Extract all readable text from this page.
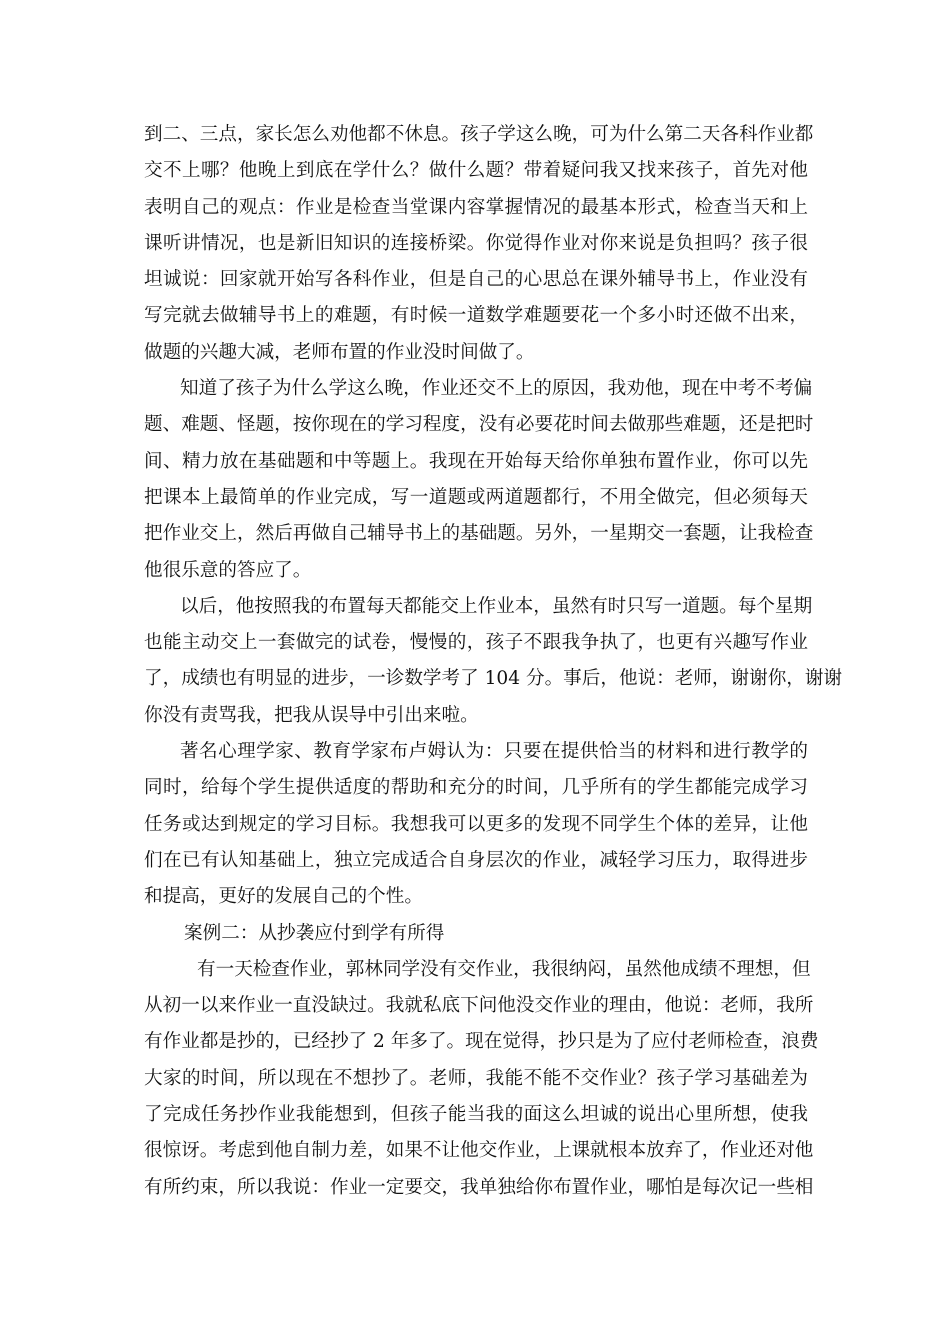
到二、三点，家长怎么劝他都不休息。孩子学这么晚，可为什么第二天各科作业都
交不上哪？他晚上到底在学什么？做什么题？带着疑问我又找来孩子，首先对他
表明自己的观点：作业是检查当堂课内容掌握情况的最基本形式，检查当天和上
课听讲情况，也是新旧知识的连接桥梁。你觉得作业对你来说是负担吗？孩子很
坦诚说：回家就开始写各科作业，但是自己的心思总在课外辅导书上，作业没有
写完就去做辅导书上的难题，有时候一道数学难题要花一个多小时还做不出来，
做题的兴趣大减，老师布置的作业没时间做了。
知道了孩子为什么学这么晚，作业还交不上的原因，我劝他，现在中考不考偏
题、难题、怪题，按你现在的学习程度，没有必要花时间去做那些难题，还是把时
间、精力放在基础题和中等题上。我现在开始每天给你单独布置作业，你可以先
把课本上最简单的作业完成，写一道题或两道题都行，不用全做完，但必须每天
把作业交上，然后再做自己辅导书上的基础题。另外，一星期交一套题，让我检查
他很乐意的答应了。
以后，他按照我的布置每天都能交上作业本，虽然有时只写一道题。每个星期
也能主动交上一套做完的试卷，慢慢的，孩子不跟我争执了，也更有兴趣写作业
了，成绩也有明显的进步，一诊数学考了 104 分。事后，他说：老师，谢谢你，谢谢
你没有责骂我，把我从误导中引出来啦。
著名心理学家、教育学家布卢姆认为：只要在提供恰当的材料和进行教学的
同时，给每个学生提供适度的帮助和充分的时间，几乎所有的学生都能完成学习
任务或达到规定的学习目标。我想我可以更多的发现不同学生个体的差异，让他
们在已有认知基础上，独立完成适合自身层次的作业，减轻学习压力，取得进步
和提高，更好的发展自己的个性。
案例二：从抄袭应付到学有所得
有一天检查作业，郭林同学没有交作业，我很纳闷，虽然他成绩不理想，但
从初一以来作业一直没缺过。我就私底下问他没交作业的理由，他说：老师，我所
有作业都是抄的，已经抄了 2 年多了。现在觉得，抄只是为了应付老师检查，浪费
大家的时间，所以现在不想抄了。老师，我能不能不交作业？孩子学习基础差为
了完成任务抄作业我能想到，但孩子能当我的面这么坦诚的说出心里所想，使我
很惊讶。考虑到他自制力差，如果不让他交作业，上课就根本放弃了，作业还对他
有所约束，所以我说：作业一定要交，我单独给你布置作业，哪怕是每次记一些相
